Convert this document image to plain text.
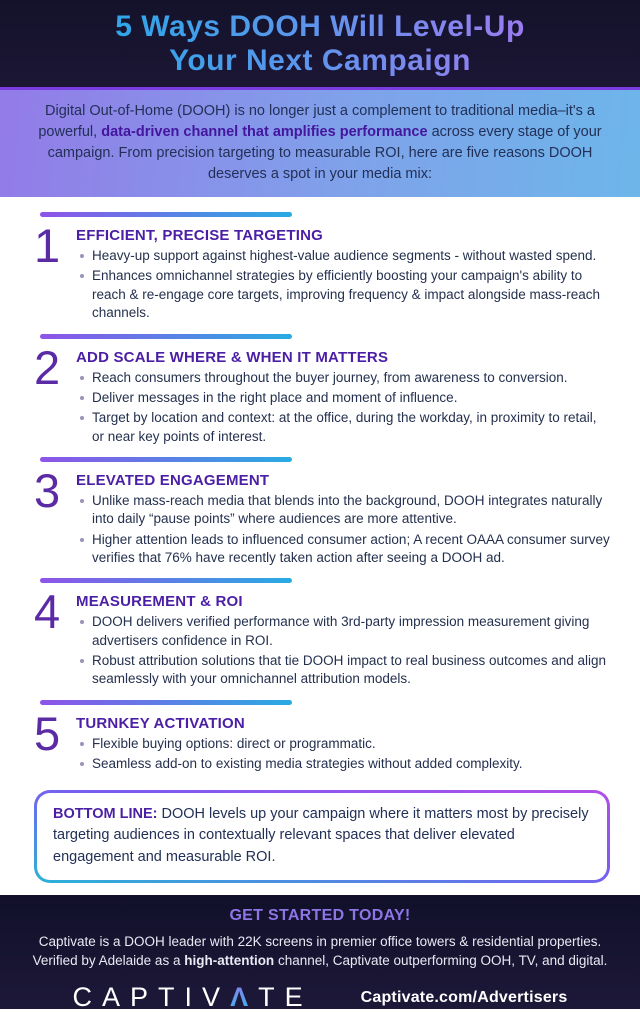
5 Ways DOOH Will Level-Up
Your Next Campaign
Digital Out-of-Home (DOOH) is no longer just a complement to traditional media–it's a powerful, data-driven channel that amplifies performance across every stage of your campaign. From precision targeting to measurable ROI, here are five reasons DOOH deserves a spot in your media mix:
1	EFFICIENT, PRECISE TARGETING
Heavy-up support against highest-value audience segments - without wasted spend.
Enhances omnichannel strategies by efficiently boosting your campaign's ability to reach & re-engage core targets, improving frequency & impact alongside mass-reach channels.
2	ADD SCALE WHERE & WHEN IT MATTERS
Reach consumers throughout the buyer journey, from awareness to conversion.
Deliver messages in the right place and moment of influence.
Target by location and context: at the office, during the workday, in proximity to retail, or near key points of interest.
3	ELEVATED ENGAGEMENT
Unlike mass-reach media that blends into the background, DOOH integrates naturally into daily “pause points” where audiences are more attentive.
Higher attention leads to influenced consumer action; A recent OAAA consumer survey verifies that 76% have recently taken action after seeing a DOOH ad.
4	MEASUREMENT & ROI
DOOH delivers verified performance with 3rd-party impression measurement giving advertisers confidence in ROI.
Robust attribution solutions that tie DOOH impact to real business outcomes and align seamlessly with your omnichannel attribution models.
5	TURNKEY ACTIVATION
Flexible buying options: direct or programmatic.
Seamless add-on to existing media strategies without added complexity.
BOTTOM LINE: DOOH levels up your campaign where it matters most by precisely targeting audiences in contextually relevant spaces that deliver elevated engagement and measurable ROI.

GET STARTED TODAY!

Captivate is a DOOH leader with 22K screens in premier office towers & residential properties.

Verified by Adelaide as a high-attention channel, Captivate outperforming OOH, TV, and digital.

CAPTIVΛTE	Captivate.com/Advertisers
